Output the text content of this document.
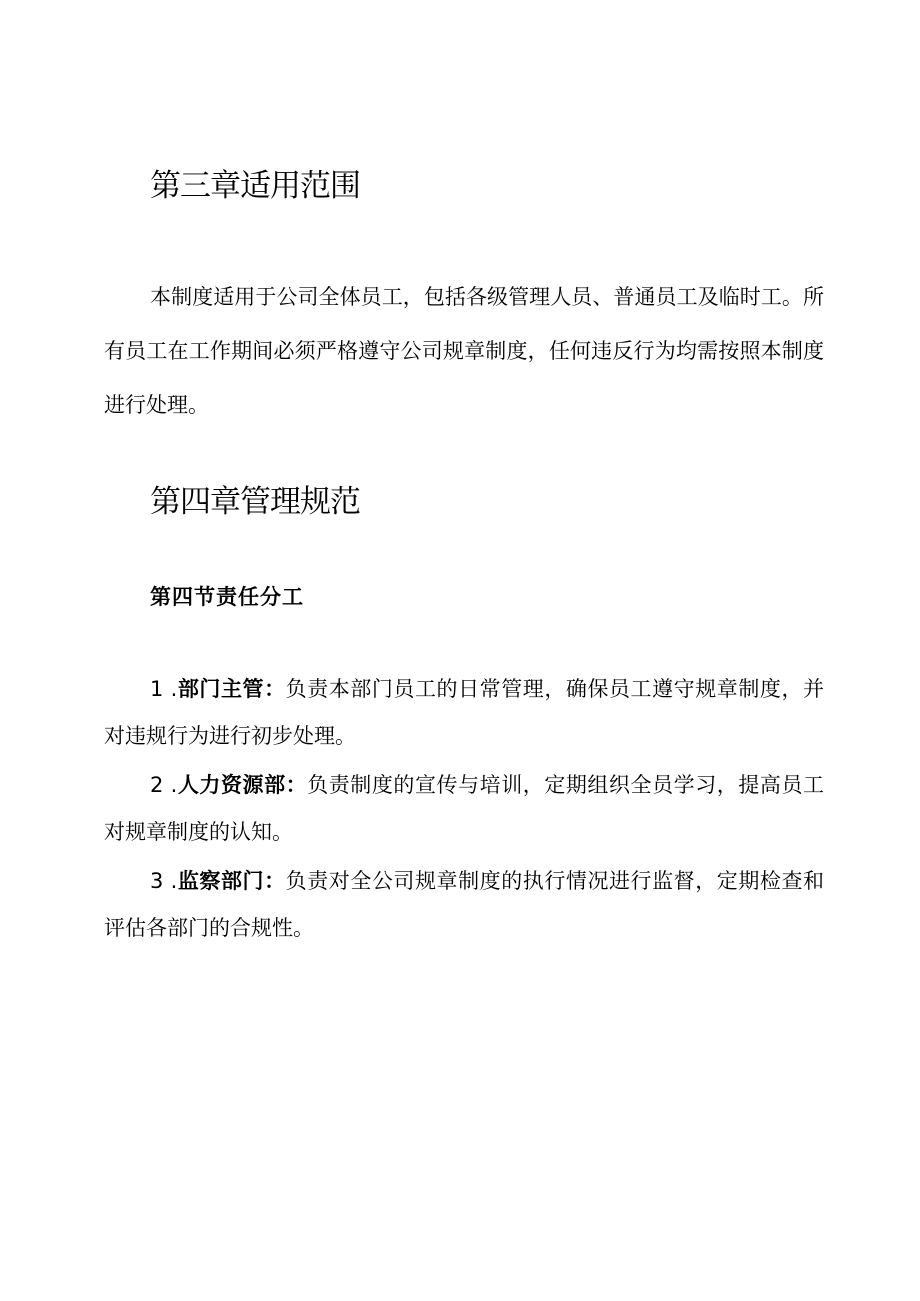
第三章适用范围

本制度适用于公司全体员工，包括各级管理人员、普通员工及临时工。所有员工在工作期间必须严格遵守公司规章制度，任何违反行为均需按照本制度进行处理。

第四章管理规范
第四节责任分工
1 .部门主管：负责本部门员工的日常管理，确保员工遵守规章制度，并对违规行为进行初步处理。
2 .人力资源部：负责制度的宣传与培训，定期组织全员学习，提高员工对规章制度的认知。
3 .监察部门：负责对全公司规章制度的执行情况进行监督，定期检查和评估各部门的合规性。
